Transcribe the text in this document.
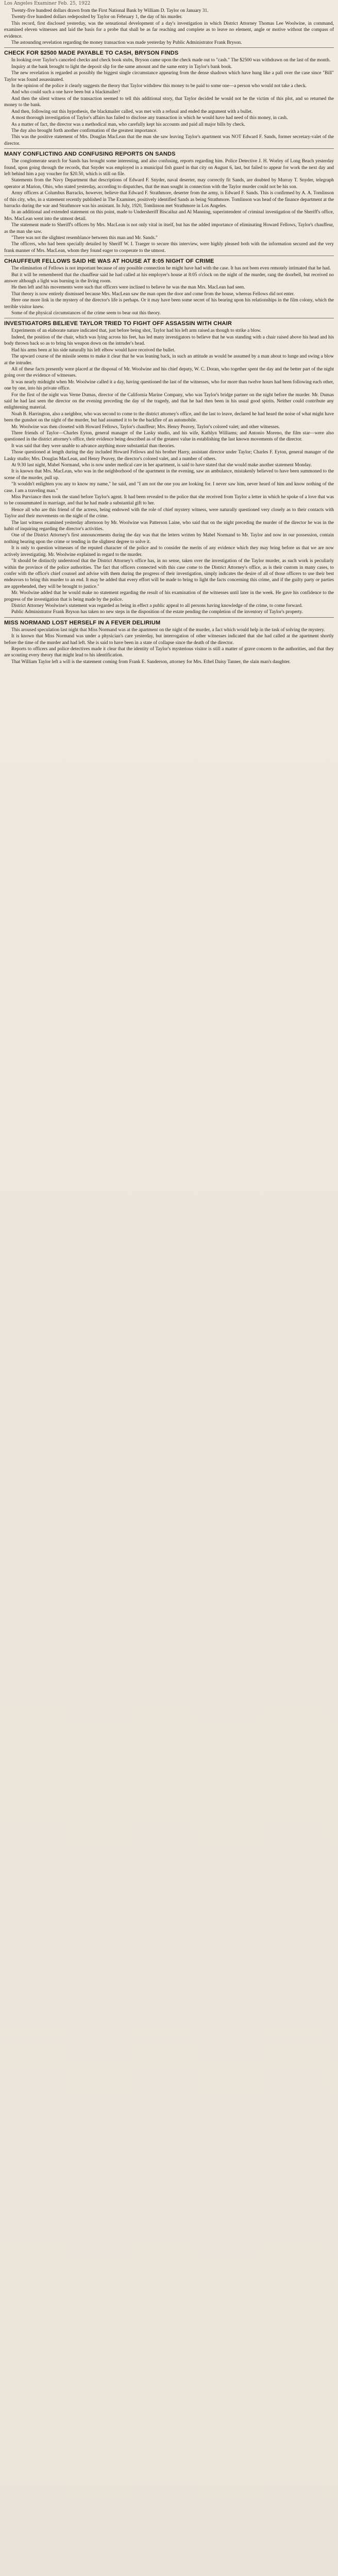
Los Angeles Examiner Feb. 25, 1922

Twenty-five hundred dollars drawn from the First National Bank by William D. Taylor on January 31.

Twenty-five hundred dollars redeposited by Taylor on February 1, the day of his murder.

This record, first disclosed yesterday, was the sensational development of a day's investigation in which District Attorney Thomas Lee Woolwine, in command, examined eleven witnesses and laid the basis for a probe that shall be as far reaching and complete as to leave no element, angle or motive without the compass of evidence.

The astounding revelation regarding the money transaction was made yesterday by Public Administrator Frank Bryson.

CHECK FOR $2500 MADE PAYABLE TO CASH, BRYSON FINDS

In looking over Taylor's canceled checks and check book stubs, Bryson came upon the check made out to "cash." The $2500 was withdrawn on the last of the month.

Inquiry at the bank brought to light the deposit slip for the same amount and the same entry in Taylor's bank book.

The new revelation is regarded as possibly the biggest single circumstance appearing from the dense shadows which have hung like a pall over the case since "Bill" Taylor was found assassinated.

In the opinion of the police it clearly suggests the theory that Taylor withdrew this money to be paid to some one—a person who would not take a check.

And who could such a one have been but a blackmailer?

And then the silent witness of the transaction seemed to tell this additional story, that Taylor decided he would not be the victim of this plot, and so returned the money to the bank.

And then, following out this hypothesis, the blackmailer called, was met with a refusal and ended the argument with a bullet.

A most thorough investigation of Taylor's affairs has failed to disclose any transaction in which he would have had need of this money, in cash.

As a matter of fact, the director was a methodical man, who carefully kept his accounts and paid all major bills by check.

The day also brought forth another confirmation of the greatest importance.

This was the positive statement of Mrs. Douglas MacLean that the man she saw leaving Taylor's apartment was NOT Edward F. Sands, former secretary-valet of the director.

MANY CONFLICTING AND CONFUSING REPORTS ON SANDS

The conglomerate search for Sands has brought some interesting, and also confusing, reports regarding him. Police Detective J. H. Worley of Long Beach yesterday found, upon going through the records, that Snyder was employed in a municipal fish guard in that city on August 6, last, but failed to appear for work the next day and left behind him a pay voucher for $20.50, which is still on file.

Statements from the Navy Department that descriptions of Edward F. Snyder, naval deserter, may correctly fit Sands, are doubted by Murray T. Snyder, telegraph operator at Marion, Ohio, who stated yesterday, according to dispatches, that the man sought in connection with the Taylor murder could not be his son.

Army officers at Columbus Barracks, however, believe that Edward F. Strathmore, deserter from the army, is Edward F. Sands. This is confirmed by A. A. Tomlinson of this city, who, in a statement recently published in The Examiner, positively identified Sands as being Strathmore. Tomlinson was head of the finance department at the barracks during the war and Strathmore was his assistant. In July, 1920, Tomlinson met Strathmore in Los Angeles.

In an additional and extended statement on this point, made to Undersheriff Biscailuz and Al Manning, superintendent of criminal investigation of the Sheriff's office, Mrs. MacLean went into the utmost detail.

The statement made to Sheriff's officers by Mrs. MacLean is not only vital in itself, but has the added importance of eliminating Howard Fellows, Taylor's chauffeur, as the man she saw.

"There was not the slightest resemblance between this man and Mr. Sands."

The officers, who had been specially detailed by Sheriff W. I. Traeger to secure this interview, were highly pleased both with the information secured and the very frank manner of Mrs. MacLean, whom they found eager to cooperate to the utmost.

CHAUFFEUR FELLOWS SAID HE WAS AT HOUSE AT 8:05 NIGHT OF CRIME

The elimination of Fellows is not important because of any possible connection he might have had with the case. It has not been even remotely intimated that he had.

But it will be remembered that the chauffeur said he had called at his employer's house at 8:05 o'clock on the night of the murder, rang the doorbell, but received no answer although a light was burning in the living room.

He then left and his movements were such that officers were inclined to believe he was the man Mrs. MacLean had seen.

That theory is now entirely dismissed because Mrs. MacLean saw the man open the door and come from the house, whereas Fellows did not enter.

Here one more link in the mystery of the director's life is perhaps. Or it may have been some secret of his bearing upon his relationships in the film colony, which the terrible visitor knew.

Some of the physical circumstances of the crime seem to bear out this theory.

INVESTIGATORS BELIEVE TAYLOR TRIED TO FIGHT OFF ASSASSIN WITH CHAIR

Experiments of an elaborate nature indicated that, just before being shot, Taylor had his left arm raised as though to strike a blow.

Indeed, the position of the chair, which was lying across his feet, has led many investigators to believe that he was standing with a chair raised above his head and his body thrown back so as to bring his weapon down on the intruder's head.

Had his arms been at his side naturally his left elbow would have received the bullet.

The upward course of the missile seems to make it clear that he was leaning back, in such an attitude as would be assumed by a man about to lunge and swing a blow at the intruder.

All of these facts presently were placed at the disposal of Mr. Woolwine and his chief deputy, W. C. Doran, who together spent the day and the better part of the night going over the evidence of witnesses.

It was nearly midnight when Mr. Woolwine called it a day, having questioned the last of the witnesses, who for more than twelve hours had been following each other, one by one, into his private office.

For the first of the night was Verne Dumas, director of the California Marine Company, who was Taylor's bridge partner on the night before the murder. Mr. Dumas said he had last seen the director on the evening preceding the day of the tragedy, and that he had then been in his usual good spirits. Neither could contribute any enlightening material.

Noah B. Harrington, also a neighbor, who was second to come to the district attorney's office, and the last to leave, declared he had heard the noise of what might have been the gunshot on the night of the murder, but had assumed it to be the backfire of an automobile.

Mr. Woolwine was then closeted with Howard Fellows, Taylor's chauffeur; Mrs. Henry Peavey, Taylor's colored valet; and other witnesses.

Three friends of Taylor—Charles Eyton, general manager of the Lasky studio, and his wife, Kathlyn Williams; and Antonio Moreno, the film star—were also questioned in the district attorney's office, their evidence being described as of the greatest value in establishing the last known movements of the director.

It was said that they were unable to advance anything more substantial than theories.

Those questioned at length during the day included Howard Fellows and his brother Harry, assistant director under Taylor; Charles F. Eyton, general manager of the Lasky studio; Mrs. Douglas MacLean, and Henry Peavey, the director's colored valet, and a number of others.

At 9:30 last night, Mabel Normand, who is now under medical care in her apartment, is said to have stated that she would make another statement Monday.

It is known that Mrs. MacLean, who was in the neighborhood of the apartment in the evening, saw an ambulance, mistakenly believed to have been summoned to the scene of the murder, pull up.

"It wouldn't enlighten you any to know my name," he said, and "I am not the one you are looking for. I never saw him, never heard of him and know nothing of the case. I am a traveling man."

Miss Purviance then took the stand before Taylor's agent. It had been revealed to the police that she received from Taylor a letter in which he spoke of a love that was to be consummated in marriage, and that he had made a substantial gift to her.

Hence all who are this friend of the actress, being endowed with the role of chief mystery witness, were naturally questioned very closely as to their contacts with Taylor and their movements on the night of the crime.

The last witness examined yesterday afternoon by Mr. Woolwine was Patterson Laine, who said that on the night preceding the murder of the director he was in the habit of inquiring regarding the director's activities.

One of the District Attorney's first announcements during the day was that the letters written by Mabel Normand to Mr. Taylor and now in our possession, contain nothing bearing upon the crime or tending in the slightest degree to solve it.

It is only to question witnesses of the reputed character of the police and to consider the merits of any evidence which they may bring before us that we are now actively investigating. Mr. Woolwine explained in regard to the murder.

"It should be distinctly understood that the District Attorney's office has, in no sense, taken over the investigation of the Taylor murder, as such work is peculiarly within the province of the police authorities. The fact that officers connected with this case come to the District Attorney's office, as is their custom in many cases, to confer with the office's chief counsel and advise with them during the progress of their investigation, simply indicates the desire of all of those officers to use their best endeavors to bring this murder to an end. It may be added that every effort will be made to bring to light the facts concerning this crime, and if the guilty party or parties are apprehended, they will be brought to justice."

Mr. Woolwine added that he would make no statement regarding the result of his examination of the witnesses until later in the week. He gave his confidence to the progress of the investigation that is being made by the police.

District Attorney Woolwine's statement was regarded as being in effect a public appeal to all persons having knowledge of the crime, to come forward.

Public Administrator Frank Bryson has taken no new steps in the disposition of the estate pending the completion of the inventory of Taylor's property.

MISS NORMAND LOST HERSELF IN A FEVER DELIRIUM

This aroused speculation last night that Miss Normand was at the apartment on the night of the murder, a fact which would help in the task of solving the mystery.

It is known that Miss Normand was under a physician's care yesterday, but interrogation of other witnesses indicated that she had called at the apartment shortly before the time of the murder and had left. She is said to have been in a state of collapse since the death of the director.

Reports to officers and police detectives made it clear that the identity of Taylor's mysterious visitor is still a matter of grave concern to the authorities, and that they are scouting every theory that might lead to his identification.

That William Taylor left a will is the statement coming from Frank E. Sanderson, attorney for Mrs. Ethel Daisy Tanner, the slain man's daughter.
